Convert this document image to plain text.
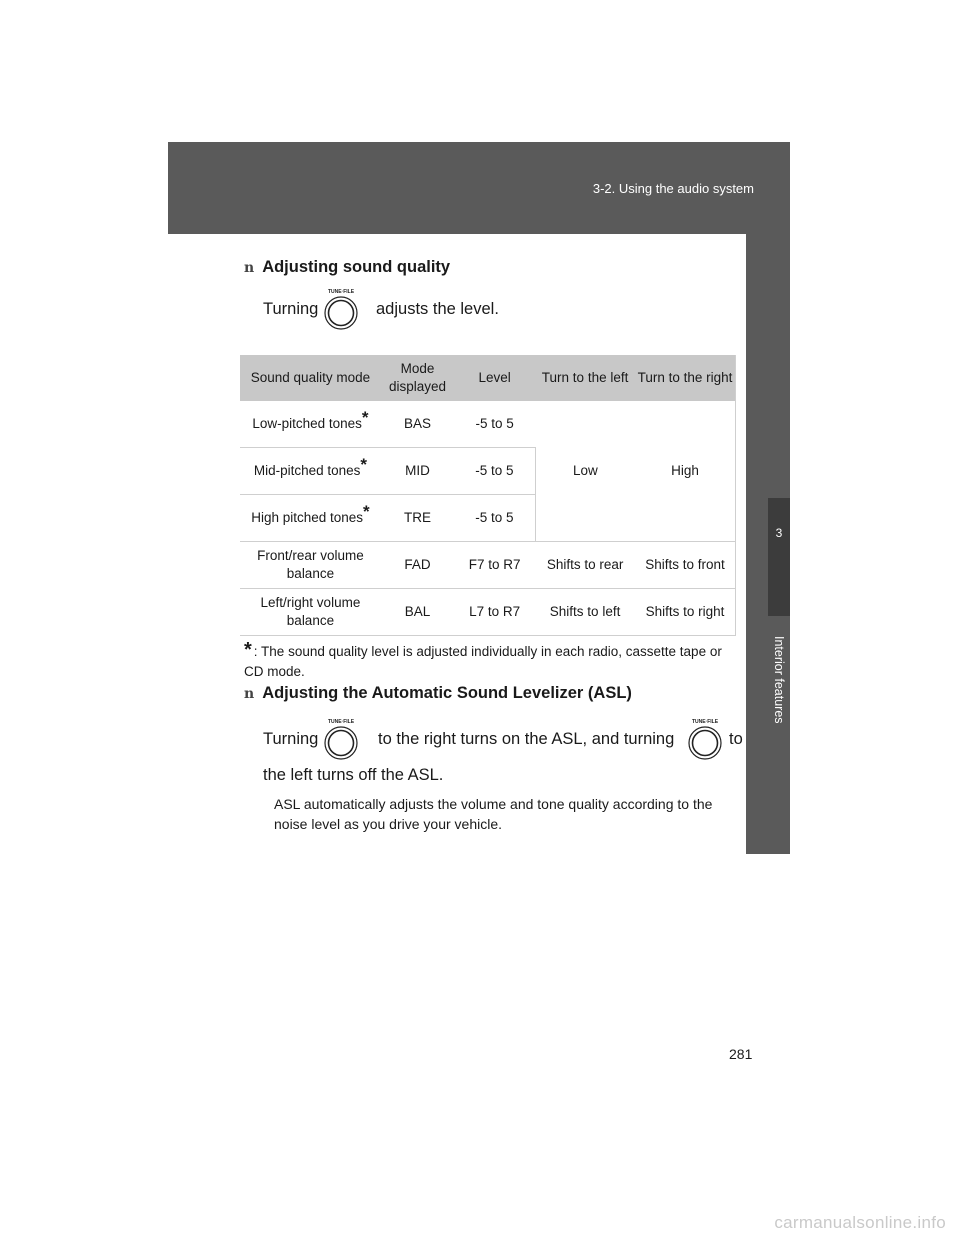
3-2. Using the audio system
3
Interior features
n Adjusting sound quality
Turning
TUNE·FILE
adjusts the level.
Sound quality mode	Mode displayed	Level	Turn to the left	Turn to the right
Low-pitched tones*	BAS	-5 to 5	Low	High
Mid-pitched tones*	MID	-5 to 5		
High pitched tones*	TRE	-5 to 5		
Front/rear volume balance	FAD	F7 to R7	Shifts to rear	Shifts to front
Left/right volume balance	BAL	L7 to R7	Shifts to left	Shifts to right
* : The sound quality level is adjusted individually in each radio, cassette tape or CD mode.
n Adjusting the Automatic Sound Levelizer (ASL)
Turning
TUNE·FILE
to the right turns on the ASL, and turning
TUNE·FILE
to
the left turns off the ASL.
ASL automatically adjusts the volume and tone quality according to the noise level as you drive your vehicle.
281
carmanualsonline.info
